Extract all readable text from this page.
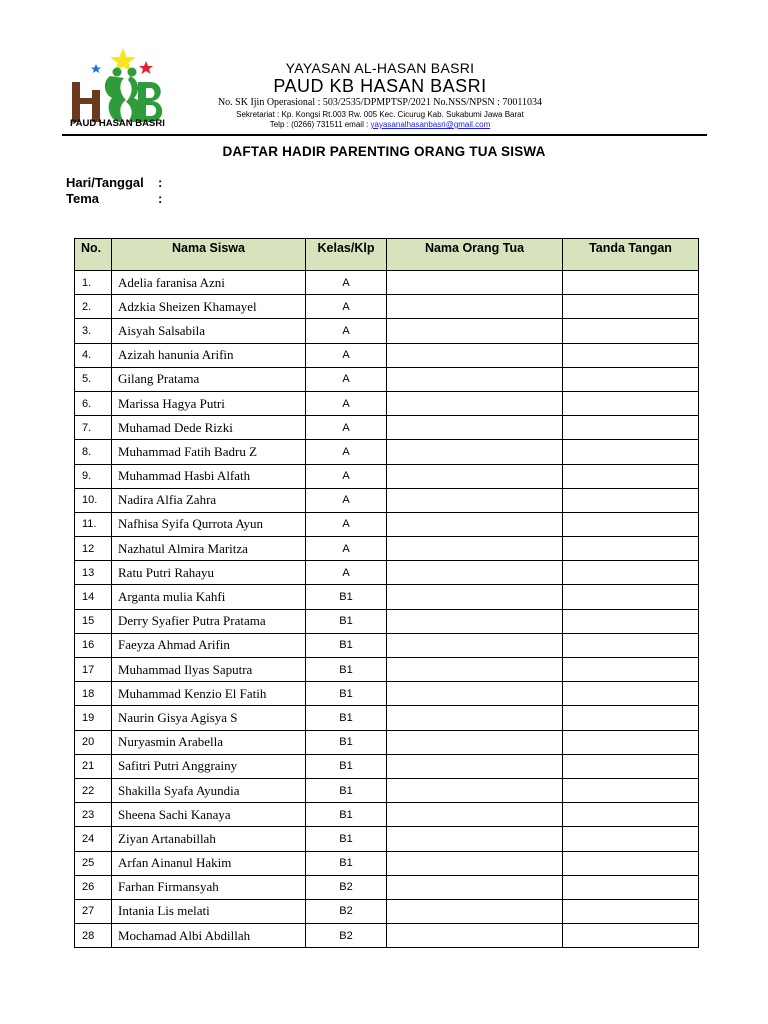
PAUD HASAN BASRI
YAYASAN AL-HASAN BASRI
PAUD KB HASAN BASRI
No. SK Ijin Operasional : 503/2535/DPMPTSP/2021 No.NSS/NPSN : 70011034
Sekretariat : Kp. Kongsi Rt.003 Rw. 005 Kec. Cicurug Kab. Sukabumi Jawa Barat
Telp : (0266) 731511 email : yayasanalhasanbasri@gmail.com
DAFTAR HADIR PARENTING ORANG TUA SISWA
Hari/Tanggal :
Tema	:
No.	Nama Siswa	Kelas/Klp	Nama Orang Tua	Tanda Tangan
1.	Adelia faranisa Azni	A		
2.	Adzkia Sheizen Khamayel	A		
3.	Aisyah Salsabila	A		
4.	Azizah hanunia Arifin	A		
5.	Gilang Pratama	A		
6.	Marissa Hagya Putri	A		
7.	Muhamad Dede Rizki	A		
8.	Muhammad Fatih Badru Z	A		
9.	Muhammad Hasbi Alfath	A		
10.	Nadira Alfia Zahra	A		
11.	Nafhisa Syifa Qurrota Ayun	A		
12	Nazhatul Almira Maritza	A		
13	Ratu Putri Rahayu	A		
14	Arganta mulia Kahfi	B1		
15	Derry Syafier Putra Pratama	B1		
16	Faeyza Ahmad Arifin	B1		
17	Muhammad Ilyas Saputra	B1		
18	Muhammad Kenzio El Fatih	B1		
19	Naurin Gisya Agisya S	B1		
20	Nuryasmin Arabella	B1		
21	Safitri Putri Anggrainy	B1		
22	Shakilla Syafa Ayundia	B1		
23	Sheena Sachi Kanaya	B1		
24	Ziyan Artanabillah	B1		
25	Arfan Ainanul Hakim	B1		
26	Farhan Firmansyah	B2		
27	Intania Lis melati	B2		
28	Mochamad Albi Abdillah	B2		
